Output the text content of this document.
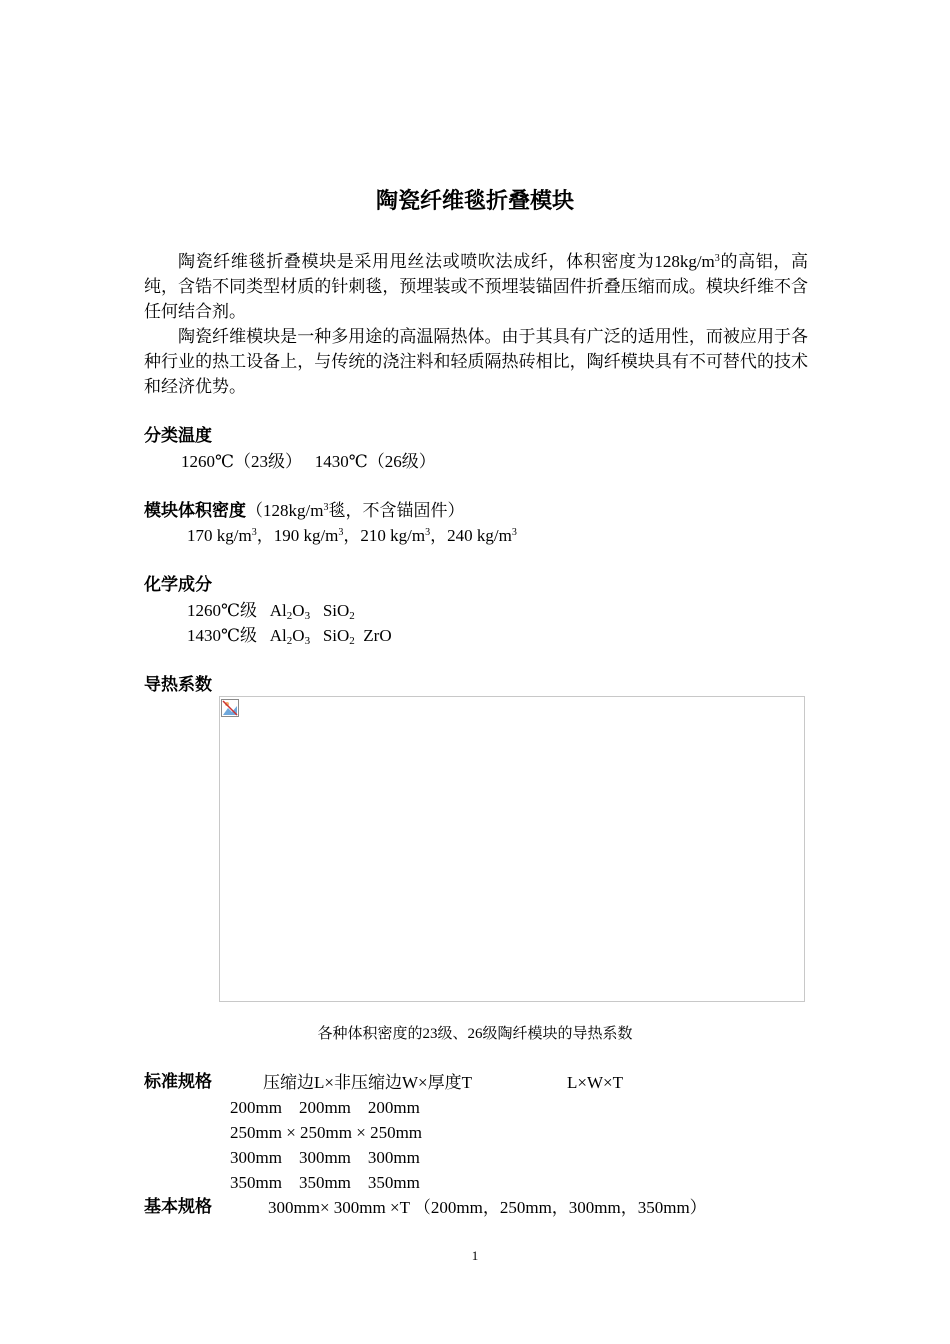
陶瓷纤维毯折叠模块
陶瓷纤维毯折叠模块是采用甩丝法或喷吹法成纤，体积密度为$128kg/m^3$的高铝，高纯，含锆不同类型材质的针刺毯，预埋装或不预埋装锚固件折叠压缩而成。模块纤维不含任何结合剂。
陶瓷纤维模块是一种多用途的高温隔热体。由于其具有广泛的适用性，而被应用于各种行业的热工设备上，与传统的浇注料和轻质隔热砖相比，陶纤模块具有不可替代的技术和经济优势。
分类温度
1260℃（23级）   1430℃（26级）
模块体积密度（$128kg/m^3$毯，不含锚固件）
170 $kg/m^3$，190 $kg/m^3$，210 $kg/m^3$，240 $kg/m^3$
化学成分
1260℃级 $Al_2O_3$ SiO$_2$
1430℃级 $Al_2O_3$ SiO$_2$ ZrO
导热系数
各种体积密度的23级、26级陶纤模块的导热系数
标准规格	压缩边L×非压缩边W×厚度T	L×W×T
200mm    200mm    200mm
250mm × 250mm × 250mm
300mm    300mm    300mm
350mm    350mm    350mm
基本规格	300mm× 300mm ×T （200mm，250mm，300mm，350mm）
1
